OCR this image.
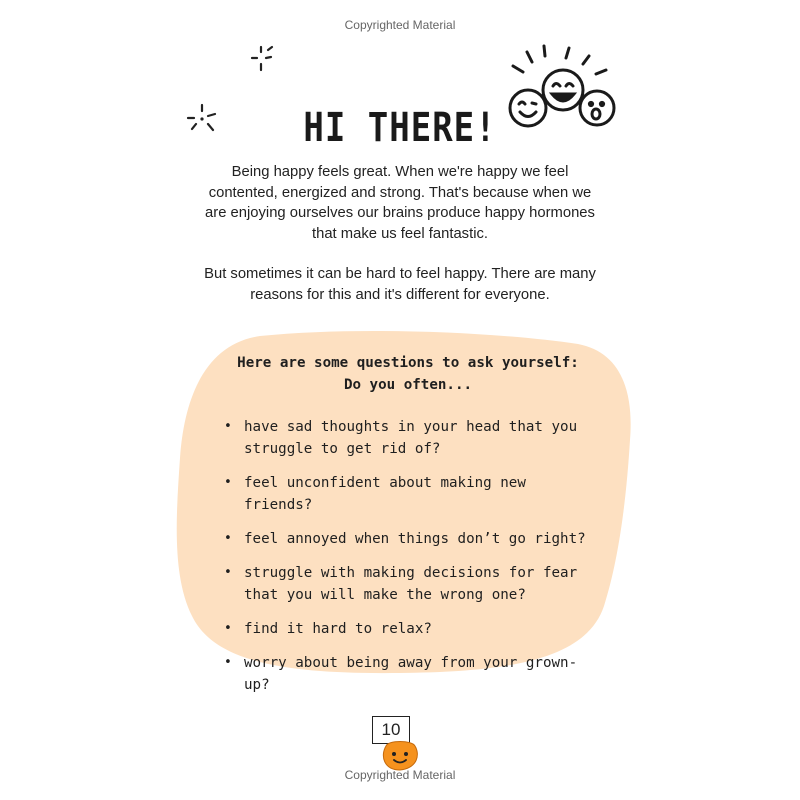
Copyrighted Material
HI THERE!

Being happy feels great. When we're happy we feel contented, energized and strong. That's because when we are enjoying ourselves our brains produce happy hormones that make us feel fantastic.

But sometimes it can be hard to feel happy. There are many reasons for this and it's different for everyone.

Here are some questions to ask yourself:
Do you often...
• have sad thoughts in your head that you struggle to get rid of?
• feel unconfident about making new friends?
• feel annoyed when things don’t go right?
• struggle with making decisions for fear that you will make the wrong one?
• find it hard to relax?
• worry about being away from your grown-up?
10
Copyrighted Material
